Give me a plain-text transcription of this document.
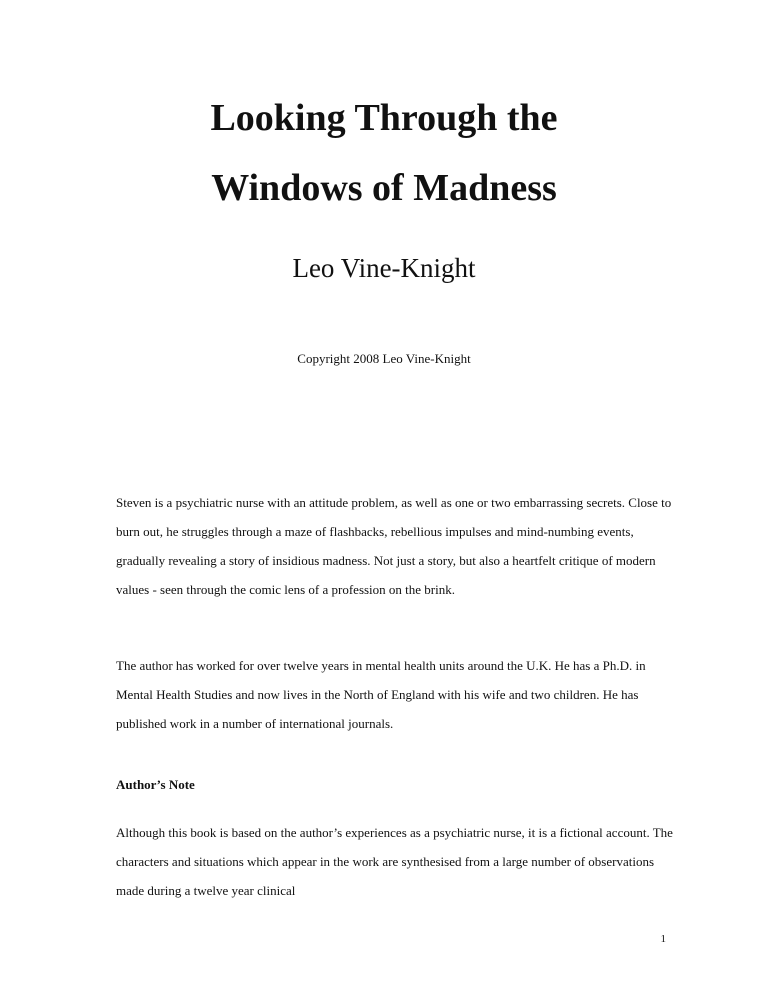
Looking Through the
Windows of Madness

Leo Vine-Knight

Copyright 2008 Leo Vine-Knight

Steven is a psychiatric nurse with an attitude problem, as well as one or two embarrassing secrets. Close to burn out, he struggles through a maze of flashbacks, rebellious impulses and mind-numbing events, gradually revealing a story of insidious madness. Not just a story, but also a heartfelt critique of modern values - seen through the comic lens of a profession on the brink.

The author has worked for over twelve years in mental health units around the U.K. He has a Ph.D. in Mental Health Studies and now lives in the North of England with his wife and two children. He has published work in a number of international journals.

Author’s Note

Although this book is based on the author’s experiences as a psychiatric nurse, it is a fictional account. The characters and situations which appear in the work are synthesised from a large number of observations made during a twelve year clinical

1
